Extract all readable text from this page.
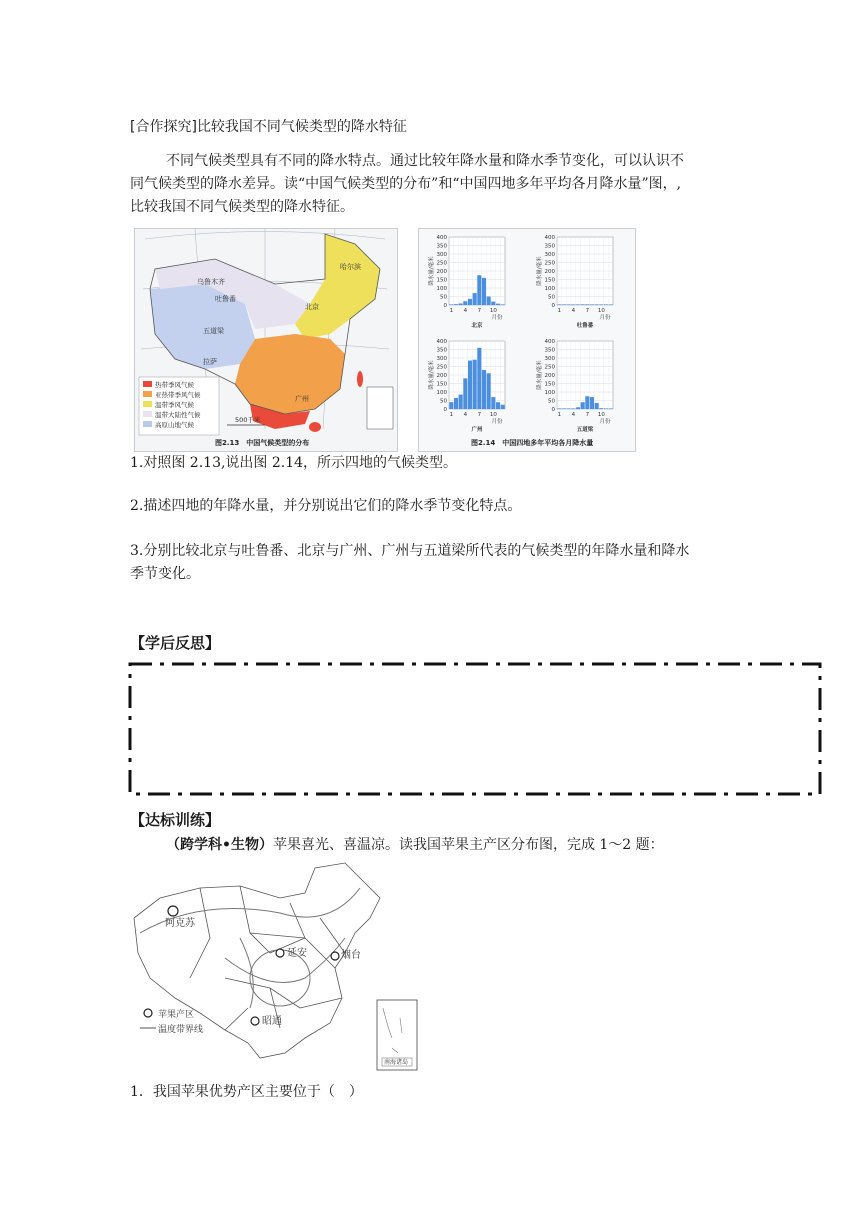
[合作探究]比较我国不同气候类型的降水特征
不同气候类型具有不同的降水特点。通过比较年降水量和降水季节变化，可以认识不
同气候类型的降水差异。读“中国气候类型的分布”和“中国四地多年平均各月降水量”图，,
比较我国不同气候类型的降水特征。
乌鲁木齐
吐鲁番
五道梁
哈尔滨
北京
广州
拉萨
热带季风气候
亚热带季风气候
温带季风气候
温带大陆性气候
高原山地气候
500千米
图2.13　中国气候类型的分布	图2.14　中国四地多年平均各月降水量
0
50
100
150
200
250
300
350
400
1 4 7 10
降水量/毫米
月份
北京
0
50
100
150
200
250
300
350
400
1 4 7 10
降水量/毫米
月份
吐鲁番
0
50
100
150
200
250
300
350
400
1 4 7 10
降水量/毫米
月份
广州
0
50
100
150
200
250
300
350
400
1 4 7 10
降水量/毫米
月份
五道梁
1.对照图 2.13,说出图 2.14，所示四地的气候类型。
2.描述四地的年降水量，并分别说出它们的降水季节变化特点。
3.分别比较北京与吐鲁番、北京与广州、广州与五道梁所代表的气候类型的年降水量和降水
季节变化。
【学后反思】
【达标训练】
（跨学科•生物）苹果喜光、喜温凉。读我国苹果主产区分布图，完成 1～2 题：
阿克苏
延安	烟台
昭通
苹果产区
温度带界线
南海诸岛
1．我国苹果优势产区主要位于（　）
